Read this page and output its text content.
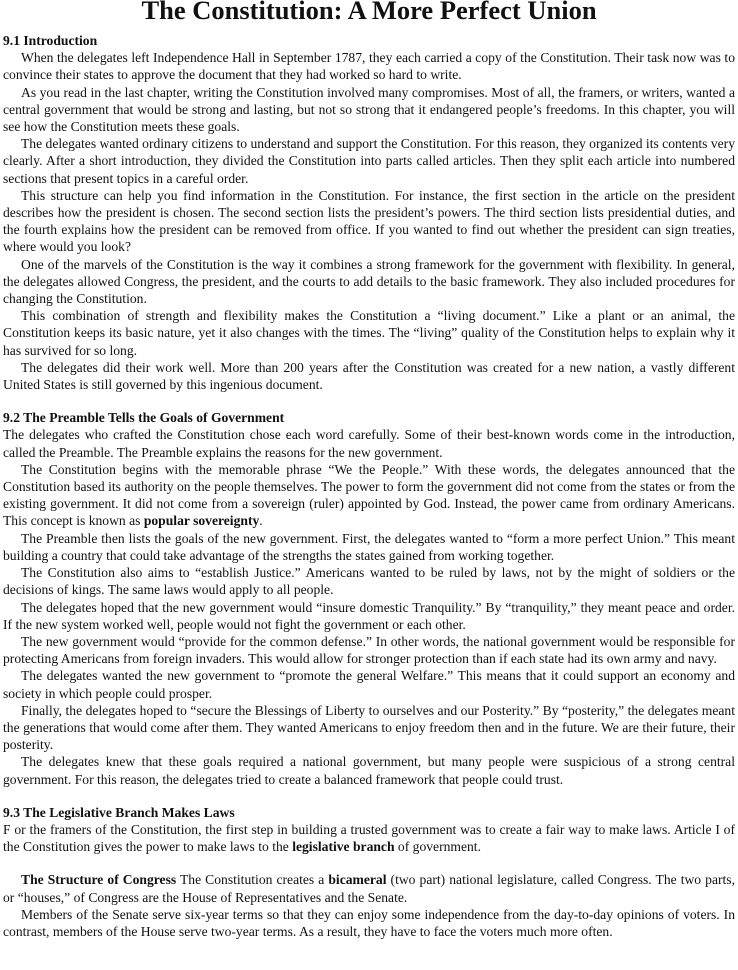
The Constitution: A More Perfect Union
9.1 Introduction

When the delegates left Independence Hall in September 1787, they each carried a copy of the Constitution. Their task now was to convince their states to approve the document that they had worked so hard to write.

As you read in the last chapter, writing the Constitution involved many compromises. Most of all, the framers, or writers, wanted a central government that would be strong and lasting, but not so strong that it endangered people’s freedoms. In this chapter, you will see how the Constitution meets these goals.

The delegates wanted ordinary citizens to understand and support the Constitution. For this reason, they organized its contents very clearly. After a short introduction, they divided the Constitution into parts called articles. Then they split each article into numbered sections that present topics in a careful order.

This structure can help you find information in the Constitution. For instance, the first section in the article on the president describes how the president is chosen. The second section lists the president’s powers. The third section lists presidential duties, and the fourth explains how the president can be removed from office. If you wanted to find out whether the president can sign treaties, where would you look?

One of the marvels of the Constitution is the way it combines a strong framework for the government with flexibility. In general, the delegates allowed Congress, the president, and the courts to add details to the basic framework. They also included procedures for changing the Constitution.

This combination of strength and flexibility makes the Constitution a “living document.” Like a plant or an animal, the Constitution keeps its basic nature, yet it also changes with the times. The “living” quality of the Constitution helps to explain why it has survived for so long.

The delegates did their work well. More than 200 years after the Constitution was created for a new nation, a vastly different United States is still governed by this ingenious document.

9.2 The Preamble Tells the Goals of Government

The delegates who crafted the Constitution chose each word carefully. Some of their best-known words come in the introduction, called the Preamble. The Preamble explains the reasons for the new government.

The Constitution begins with the memorable phrase “We the People.” With these words, the delegates announced that the Constitution based its authority on the people themselves. The power to form the government did not come from the states or from the existing government. It did not come from a sovereign (ruler) appointed by God. Instead, the power came from ordinary Americans. This concept is known as popular sovereignty.

The Preamble then lists the goals of the new government. First, the delegates wanted to “form a more perfect Union.” This meant building a country that could take advantage of the strengths the states gained from working together.

The Constitution also aims to “establish Justice.” Americans wanted to be ruled by laws, not by the might of soldiers or the decisions of kings. The same laws would apply to all people.

The delegates hoped that the new government would “insure domestic Tranquility.” By “tranquility,” they meant peace and order. If the new system worked well, people would not fight the government or each other.

The new government would “provide for the common defense.” In other words, the national government would be responsible for protecting Americans from foreign invaders. This would allow for stronger protection than if each state had its own army and navy.

The delegates wanted the new government to “promote the general Welfare.” This means that it could support an economy and society in which people could prosper.

Finally, the delegates hoped to “secure the Blessings of Liberty to ourselves and our Posterity.” By “posterity,” the delegates meant the generations that would come after them. They wanted Americans to enjoy freedom then and in the future. We are their future, their posterity.

The delegates knew that these goals required a national government, but many people were suspicious of a strong central government. For this reason, the delegates tried to create a balanced framework that people could trust.

9.3 The Legislative Branch Makes Laws

F or the framers of the Constitution, the first step in building a trusted government was to create a fair way to make laws. Article I of the Constitution gives the power to make laws to the legislative branch of government.

The Structure of Congress The Constitution creates a bicameral (two part) national legislature, called Congress. The two parts, or “houses,” of Congress are the House of Representatives and the Senate.

Members of the Senate serve six-year terms so that they can enjoy some independence from the day-to-day opinions of voters. In contrast, members of the House serve two-year terms. As a result, they have to face the voters much more often.
